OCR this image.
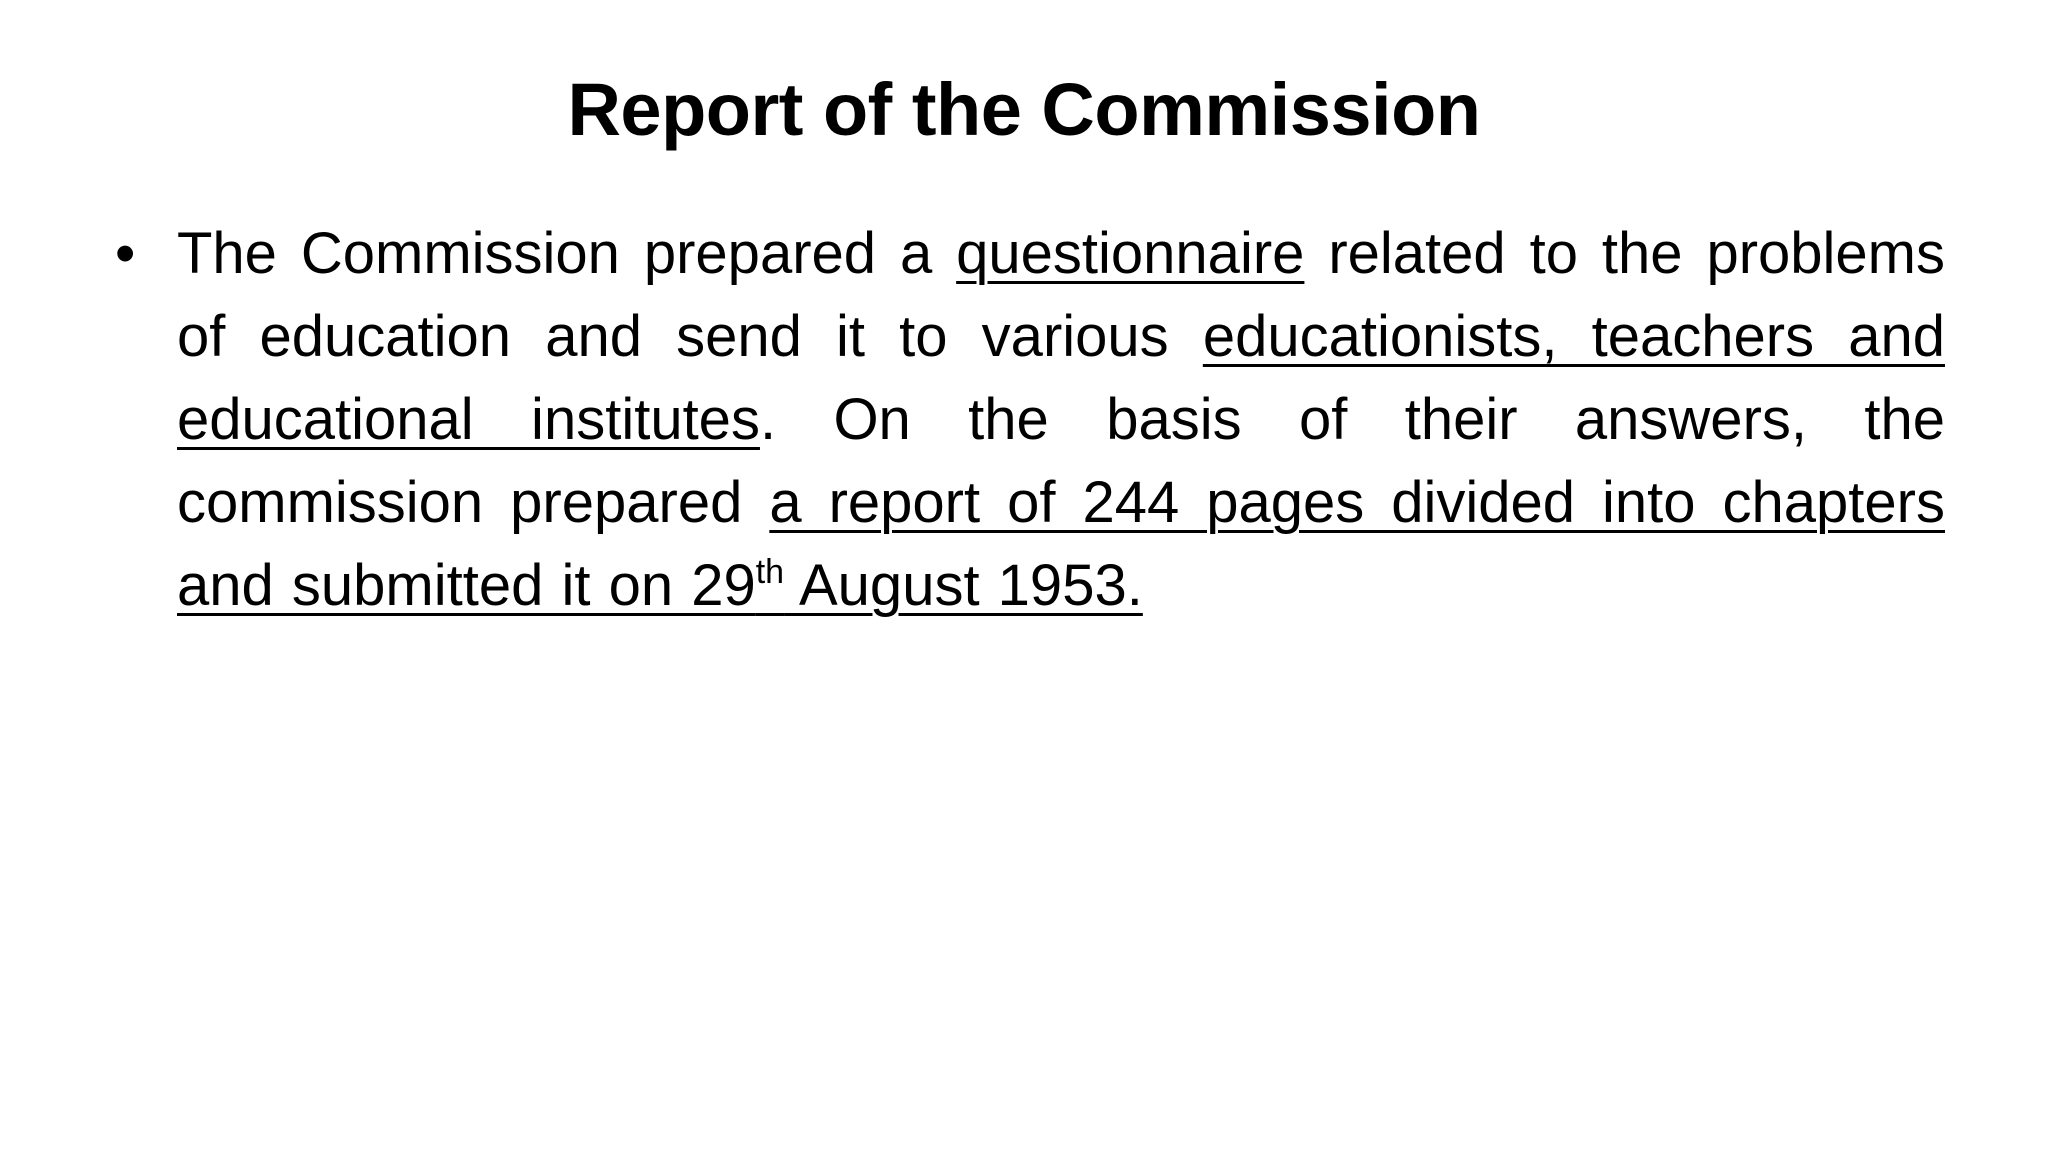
Report of the Commission
• The Commission prepared a questionnaire related to the problems of education and send it to various educationists, teachers and educational institutes. On the basis of their answers, the commission prepared a report of 244 pages divided into chapters and submitted it on 29th August 1953.
